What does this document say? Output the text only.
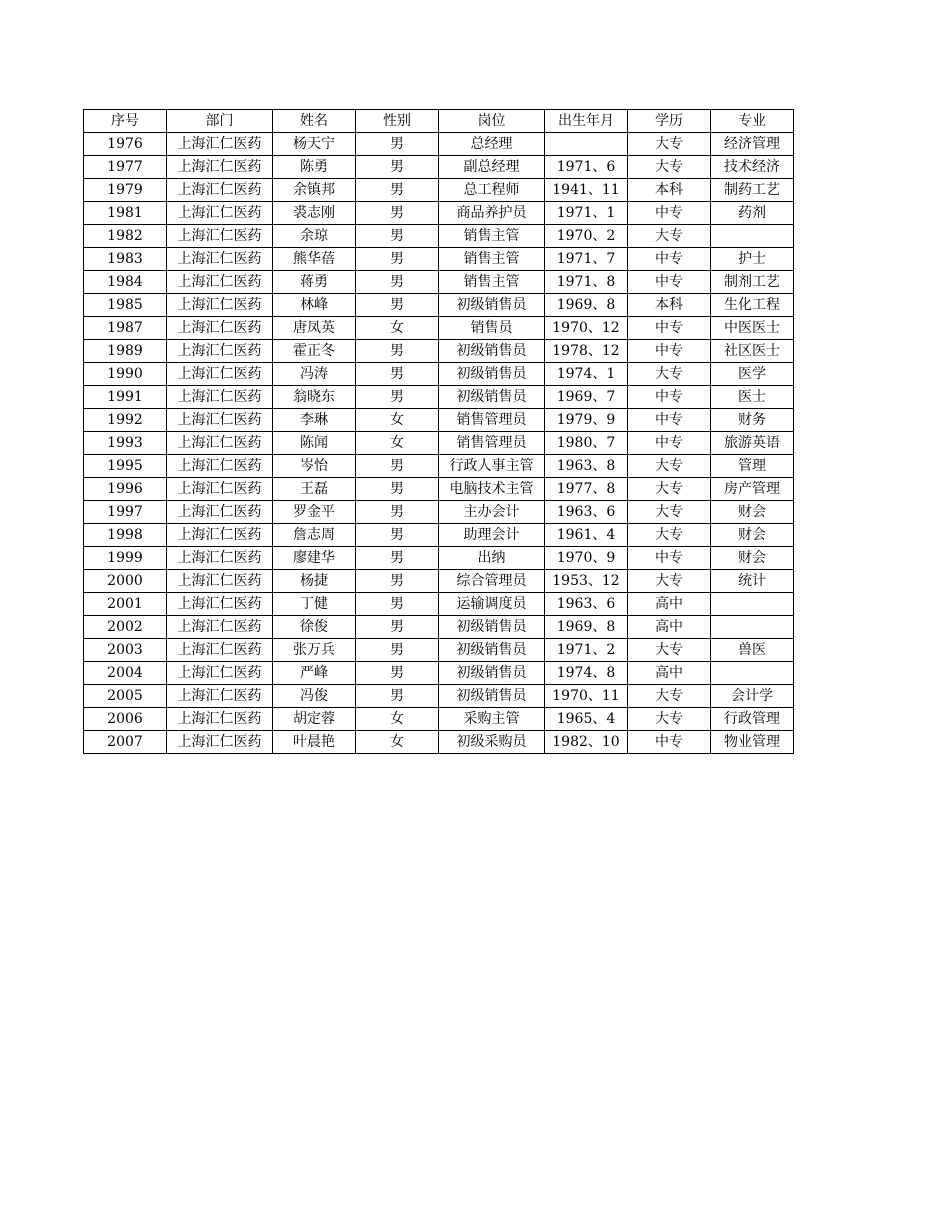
序号	部门	姓名	性别	岗位	出生年月	学历	专业
1976	上海汇仁医药	杨天宁	男	总经理		大专	经济管理
1977	上海汇仁医药	陈勇	男	副总经理	1971、6	大专	技术经济
1979	上海汇仁医药	余镇邦	男	总工程师	1941、11	本科	制药工艺
1981	上海汇仁医药	裘志刚	男	商品养护员	1971、1	中专	药剂
1982	上海汇仁医药	余琼	男	销售主管	1970、2	大专	
1983	上海汇仁医药	熊华蓓	男	销售主管	1971、7	中专	护士
1984	上海汇仁医药	蒋勇	男	销售主管	1971、8	中专	制剂工艺
1985	上海汇仁医药	林峰	男	初级销售员	1969、8	本科	生化工程
1987	上海汇仁医药	唐凤英	女	销售员	1970、12	中专	中医医士
1989	上海汇仁医药	霍正冬	男	初级销售员	1978、12	中专	社区医士
1990	上海汇仁医药	冯涛	男	初级销售员	1974、1	大专	医学
1991	上海汇仁医药	翁晓东	男	初级销售员	1969、7	中专	医士
1992	上海汇仁医药	李琳	女	销售管理员	1979、9	中专	财务
1993	上海汇仁医药	陈闻	女	销售管理员	1980、7	中专	旅游英语
1995	上海汇仁医药	岑怡	男	行政人事主管	1963、8	大专	管理
1996	上海汇仁医药	王磊	男	电脑技术主管	1977、8	大专	房产管理
1997	上海汇仁医药	罗金平	男	主办会计	1963、6	大专	财会
1998	上海汇仁医药	詹志周	男	助理会计	1961、4	大专	财会
1999	上海汇仁医药	廖建华	男	出纳	1970、9	中专	财会
2000	上海汇仁医药	杨捷	男	综合管理员	1953、12	大专	统计
2001	上海汇仁医药	丁健	男	运输调度员	1963、6	高中	
2002	上海汇仁医药	徐俊	男	初级销售员	1969、8	高中	
2003	上海汇仁医药	张万兵	男	初级销售员	1971、2	大专	兽医
2004	上海汇仁医药	严峰	男	初级销售员	1974、8	高中	
2005	上海汇仁医药	冯俊	男	初级销售员	1970、11	大专	会计学
2006	上海汇仁医药	胡定蓉	女	采购主管	1965、4	大专	行政管理
2007	上海汇仁医药	叶晨艳	女	初级采购员	1982、10	中专	物业管理
